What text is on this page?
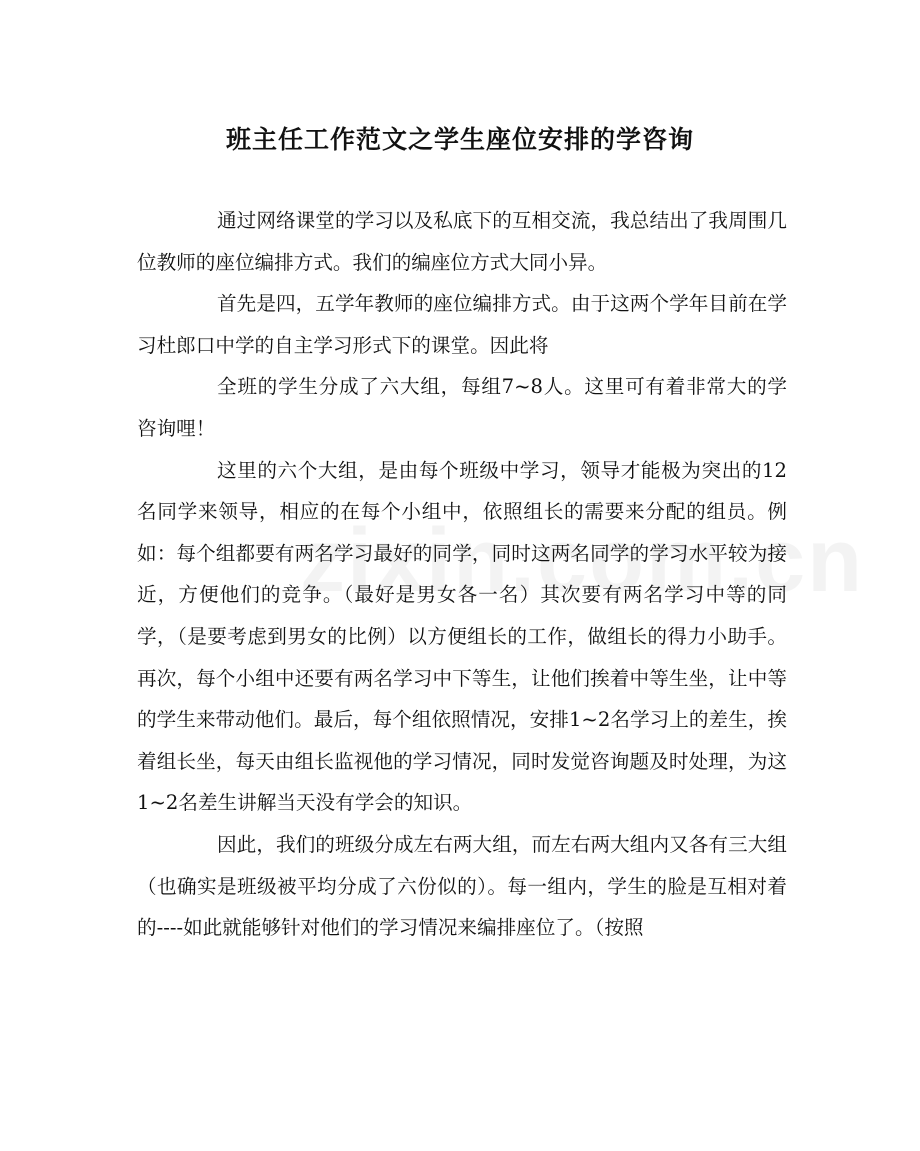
班主任工作范文之学生座位安排的学咨询

通过网络课堂的学习以及私底下的互相交流，我总结出了我周围几位教师的座位编排方式。我们的编座位方式大同小异。

首先是四，五学年教师的座位编排方式。由于这两个学年目前在学习杜郎口中学的自主学习形式下的课堂。因此将

全班的学生分成了六大组，每组7~8人。这里可有着非常大的学咨询哩！

这里的六个大组，是由每个班级中学习，领导才能极为突出的12名同学来领导，相应的在每个小组中，依照组长的需要来分配的组员。例如：每个组都要有两名学习最好的同学，同时这两名同学的学习水平较为接近，方便他们的竞争。（最好是男女各一名）其次要有两名学习中等的同学，（是要考虑到男女的比例）以方便组长的工作，做组长的得力小助手。再次，每个小组中还要有两名学习中下等生，让他们挨着中等生坐，让中等的学生来带动他们。最后，每个组依照情况，安排1~2名学习上的差生，挨着组长坐，每天由组长监视他的学习情况，同时发觉咨询题及时处理，为这1~2名差生讲解当天没有学会的知识。

因此，我们的班级分成左右两大组，而左右两大组内又各有三大组（也确实是班级被平均分成了六份似的）。每一组内，学生的脸是互相对着的----如此就能够针对他们的学习情况来编排座位了。（按照
